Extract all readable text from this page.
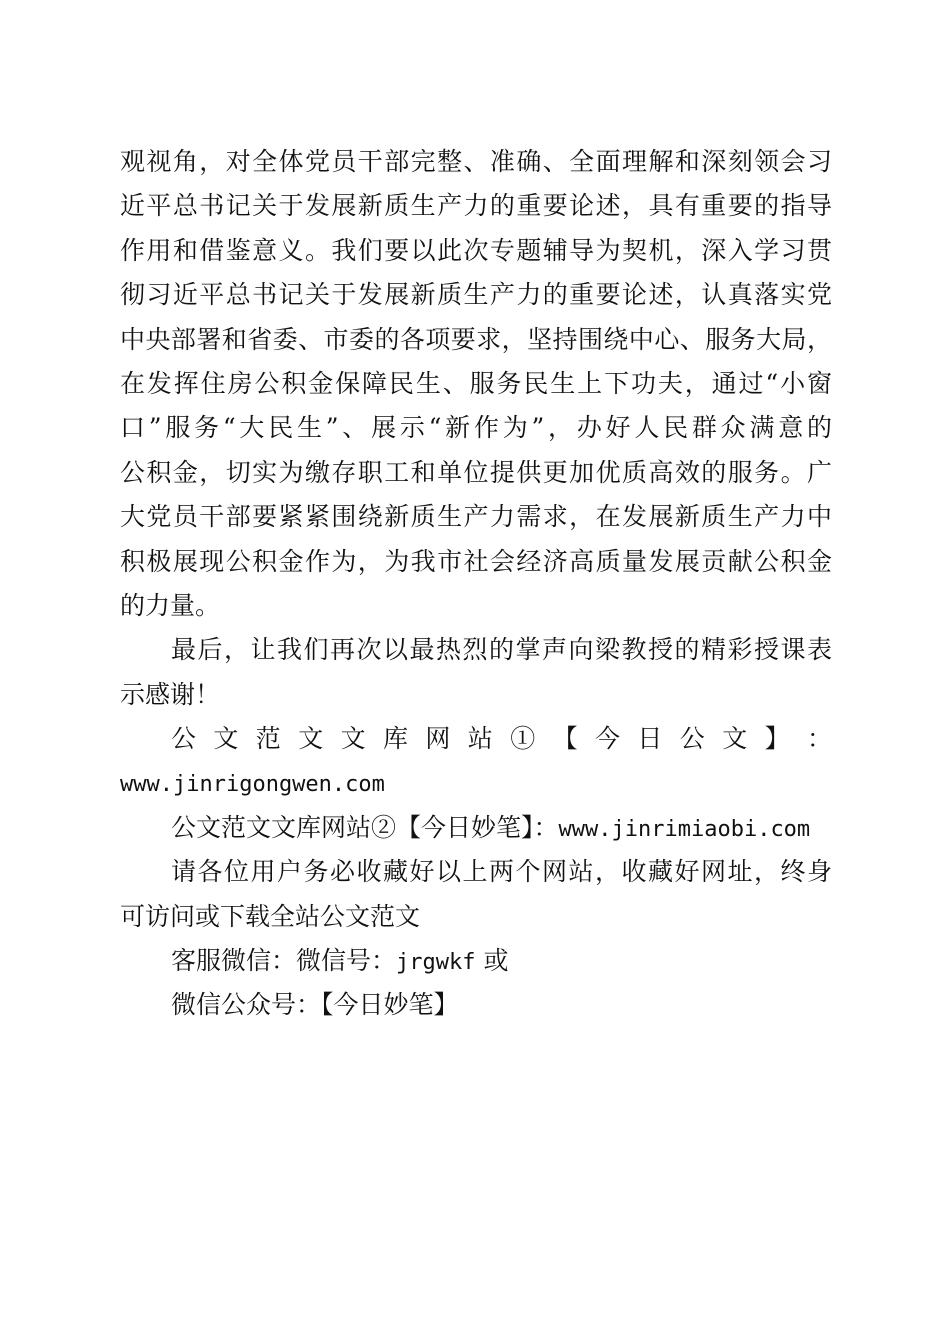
观视角，对全体党员干部完整、准确、全面理解和深刻领会习
近平总书记关于发展新质生产力的重要论述，具有重要的指导
作用和借鉴意义。我们要以此次专题辅导为契机，深入学习贯
彻习近平总书记关于发展新质生产力的重要论述，认真落实党
中央部署和省委、市委的各项要求，坚持围绕中心、服务大局，
在发挥住房公积金保障民生、服务民生上下功夫，通过“小窗
口”服务“大民生”、展示“新作为”，办好人民群众满意的
公积金，切实为缴存职工和单位提供更加优质高效的服务。广
大党员干部要紧紧围绕新质生产力需求，在发展新质生产力中
积极展现公积金作为，为我市社会经济高质量发展贡献公积金
的力量。
最后，让我们再次以最热烈的掌声向梁教授的精彩授课表
示感谢！
公 文 范 文 文 库 网 站 ① 【 今 日 公 文 】 ：
www.jinrigongwen.com
公文范文文库网站②【今日妙笔】：www.jinrimiaobi.com
请各位用户务必收藏好以上两个网站，收藏好网址，终身
可访问或下载全站公文范文
客服微信：微信号：jrgwkf 或
微信公众号：【今日妙笔】
